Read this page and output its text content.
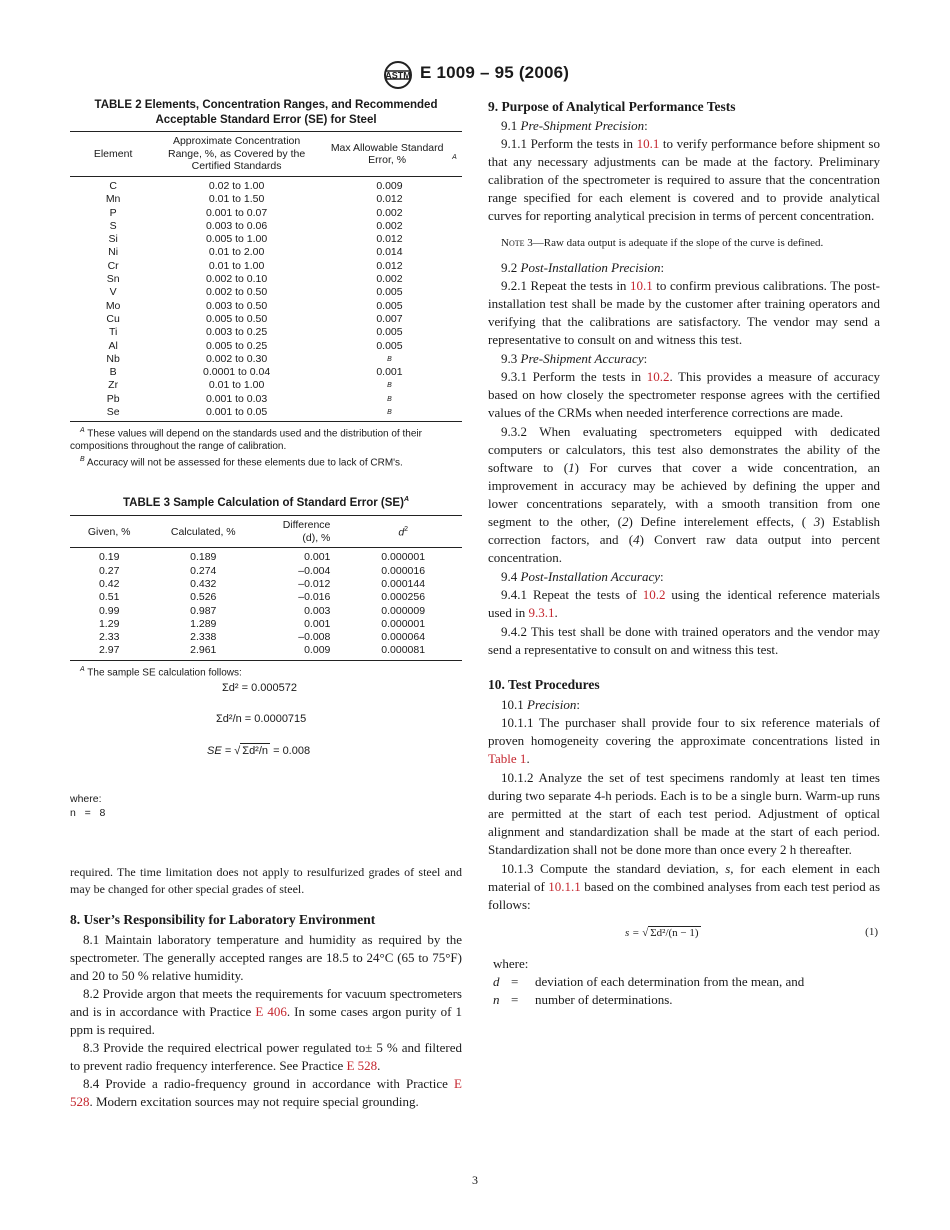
ASTM E 1009 – 95 (2006)
TABLE 2 Elements, Concentration Ranges, and Recommended
Acceptable Standard Error (SE) for Steel
Element	Approximate Concentration Range, %, as Covered by the Certified Standards	Max Allowable Standard Error, % $^A$
C	0.02 to 1.00	0.009
Mn	0.01 to 1.50	0.012
P	0.001 to 0.07	0.002
S	0.003 to 0.06	0.002
Si	0.005 to 1.00	0.012
Ni	0.01 to 2.00	0.014
Cr	0.01 to 1.00	0.012
Sn	0.002 to 0.10	0.002
V	0.002 to 0.50	0.005
Mo	0.003 to 0.50	0.005
Cu	0.005 to 0.50	0.007
Ti	0.003 to 0.25	0.005
Al	0.005 to 0.25	0.005
Nb	0.002 to 0.30	B
B	0.0001 to 0.04	0.001
Zr	0.01 to 1.00	B
Pb	0.001 to 0.03	B
Se	0.001 to 0.05	B
$^A$ These values will depend on the standards used and the distribution of their compositions throughout the range of calibration.
$^B$ Accuracy will not be assessed for these elements due to lack of CRM's.
TABLE 3 Sample Calculation of Standard Error (SE)$^A$
Given, %	Calculated, %	Difference
(d), %	$d^2$
0.19	0.189	0.001	0.000001
0.27	0.274	–0.004	0.000016
0.42	0.432	–0.012	0.000144
0.51	0.526	–0.016	0.000256
0.99	0.987	0.003	0.000009
1.29	1.289	0.001	0.000001
2.33	2.338	–0.008	0.000064
2.97	2.961	0.009	0.000081
$^A$ The sample SE calculation follows:
Σd² = 0.000572
Σd²/n = 0.0000715
SE = √ Σd²/n = 0.008
where:
n   =   8

required. The time limitation does not apply to resulfurized grades of steel and may be changed for other special grades of steel.

8. User’s Responsibility for Laboratory Environment

8.1 Maintain laboratory temperature and humidity as required by the spectrometer. The generally accepted ranges are 18.5 to 24°C (65 to 75°F) and 20 to 50 % relative humidity.

8.2 Provide argon that meets the requirements for vacuum spectrometers and is in accordance with Practice E 406. In some cases argon purity of 1 ppm is required.

8.3 Provide the required electrical power regulated to± 5 % and filtered to prevent radio frequency interference. See Practice E 528.

8.4 Provide a radio-frequency ground in accordance with Practice E 528. Modern excitation sources may not require special grounding.

9. Purpose of Analytical Performance Tests

9.1 Pre-Shipment Precision:

9.1.1 Perform the tests in 10.1 to verify performance before shipment so that any necessary adjustments can be made at the factory. Preliminary calibration of the spectrometer is required to assure that the concentration range specified for each element is covered and to provide analytical curves for reporting analytical precision in terms of percent concentration.

Note 3—Raw data output is adequate if the slope of the curve is defined.

9.2 Post-Installation Precision:

9.2.1 Repeat the tests in 10.1 to confirm previous calibrations. The post-installation test shall be made by the customer after training operators and verifying that the calibrations are satisfactory. The vendor may send a representative to consult on and witness this test.

9.3 Pre-Shipment Accuracy:

9.3.1 Perform the tests in 10.2. This provides a measure of accuracy based on how closely the spectrometer response agrees with the certified values of the CRMs when needed interference corrections are made.

9.3.2 When evaluating spectrometers equipped with dedicated computers or calculators, this test also demonstrates the ability of the software to (1) For curves that cover a wide concentration, an improvement in accuracy may be achieved by defining the upper and lower concentrations separately, with a smooth transition from one segment to the other, (2) Define interelement effects, ( 3) Establish correction factors, and (4) Convert raw data output into percent concentration.

9.4 Post-Installation Accuracy:

9.4.1 Repeat the tests of 10.2 using the identical reference materials used in 9.3.1.

9.4.2 This test shall be done with trained operators and the vendor may send a representative to consult on and witness this test.

10. Test Procedures

10.1 Precision:

10.1.1 The purchaser shall provide four to six reference materials of proven homogeneity covering the approximate concentrations listed in Table 1.

10.1.2 Analyze the set of test specimens randomly at least ten times during two separate 4-h periods. Each is to be a single burn. Warm-up runs are permitted at the start of each test period. Adjustment of optical alignment and standardization shall be made at the start of each period. Standardization shall not be done more than once every 2 h thereafter.

10.1.3 Compute the standard deviation, s, for each element in each material of 10.1.1 based on the combined analyses from each test period as follows:

s = √ Σd²/(n − 1)	(1)

where:

d =	deviation of each determination from the mean, and
n =	number of determinations.
3
